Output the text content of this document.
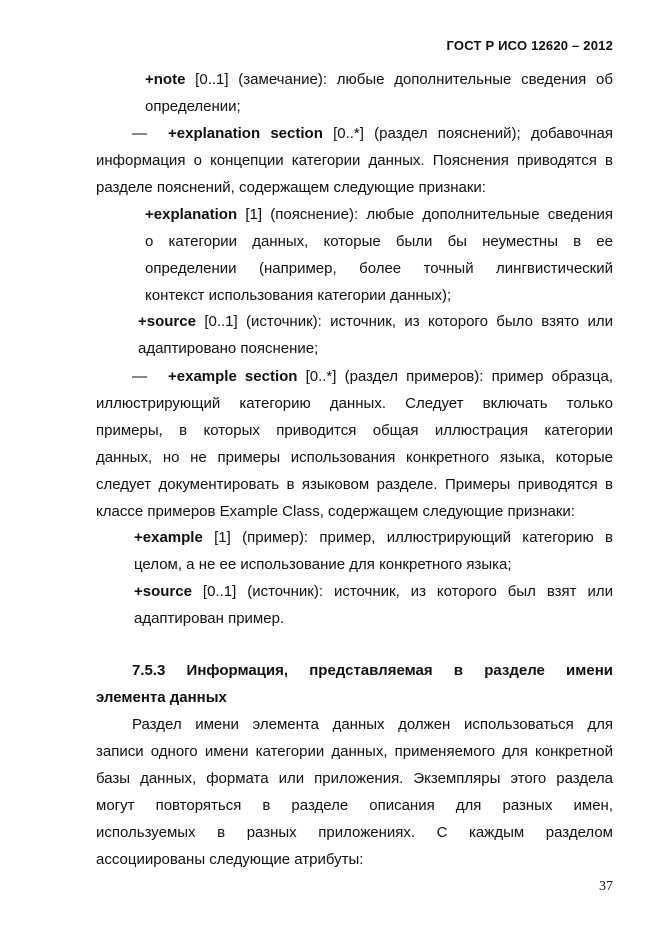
ГОСТ Р ИСО 12620 – 2012
+note [0..1] (замечание): любые дополнительные сведения об
определении;
— +explanation section [0..*] (раздел пояснений); добавочная
информация о концепции категории данных. Пояснения приводятся в
разделе пояснений, содержащем следующие признаки:
+explanation [1] (пояснение): любые дополнительные сведения
о категории данных, которые были бы неуместны в ее
определении (например, более точный лингвистический
контекст использования категории данных);
+source [0..1] (источник): источник, из которого было взято или
адаптировано пояснение;
— +example section [0..*] (раздел примеров): пример образца,
иллюстрирующий категорию данных. Следует включать только
примеры, в которых приводится общая иллюстрация категории
данных, но не примеры использования конкретного языка, которые
следует документировать в языковом разделе. Примеры приводятся в
классе примеров Example Class, содержащем следующие признаки:
+example [1] (пример): пример, иллюстрирующий категорию в
целом, а не ее использование для конкретного языка;
+source [0..1] (источник): источник, из которого был взят или
адаптирован пример.
7.5.3 Информация, представляемая в разделе имени
элемента данных
Раздел имени элемента данных должен использоваться для
записи одного имени категории данных, применяемого для конкретной
базы данных, формата или приложения. Экземпляры этого раздела
могут повторяться в разделе описания для разных имен,
используемых в разных приложениях. С каждым разделом
ассоциированы следующие атрибуты:
37
